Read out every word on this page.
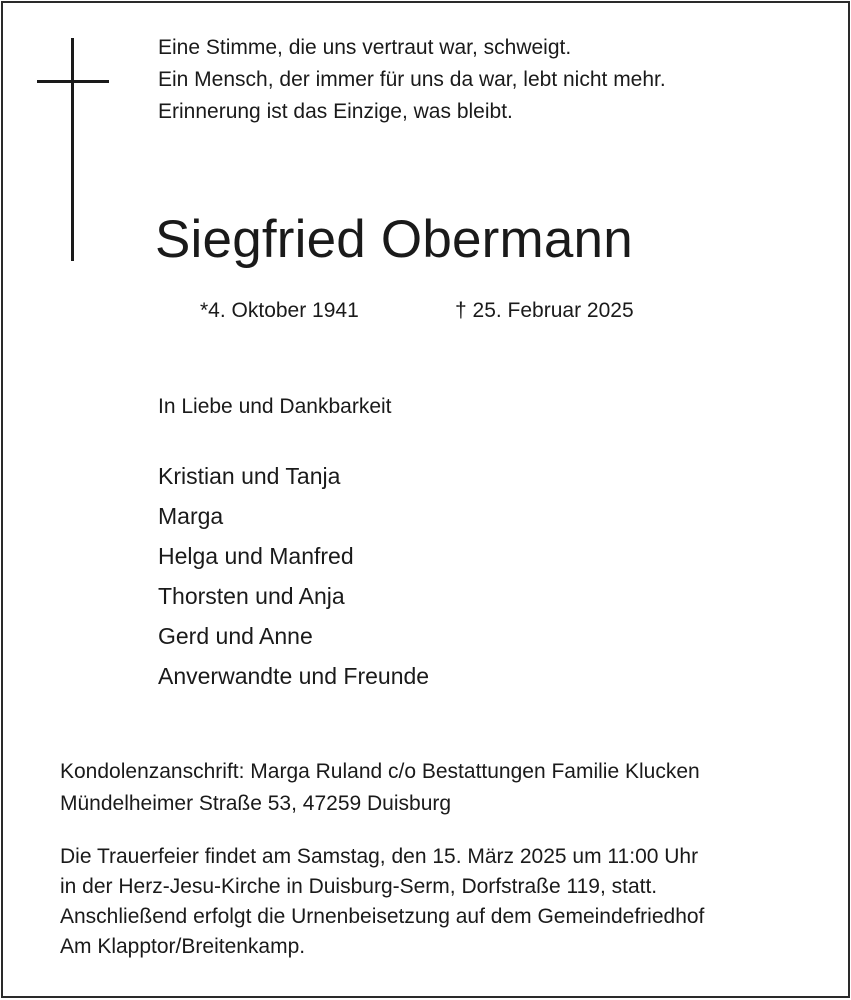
Eine Stimme, die uns vertraut war, schweigt.
Ein Mensch, der immer für uns da war, lebt nicht mehr.
Erinnerung ist das Einzige, was bleibt.
Siegfried Obermann
*4. Oktober 1941	† 25. Februar 2025
In Liebe und Dankbarkeit
Kristian und Tanja
Marga
Helga und Manfred
Thorsten und Anja
Gerd und Anne
Anverwandte und Freunde
Kondolenzanschrift: Marga Ruland c/o Bestattungen Familie Klucken
Mündelheimer Straße 53, 47259 Duisburg
Die Trauerfeier findet am Samstag, den 15. März 2025 um 11:00 Uhr
in der Herz-Jesu-Kirche in Duisburg-Serm, Dorfstraße 119, statt.
Anschließend erfolgt die Urnenbeisetzung auf dem Gemeindefriedhof
Am Klapptor/Breitenkamp.
